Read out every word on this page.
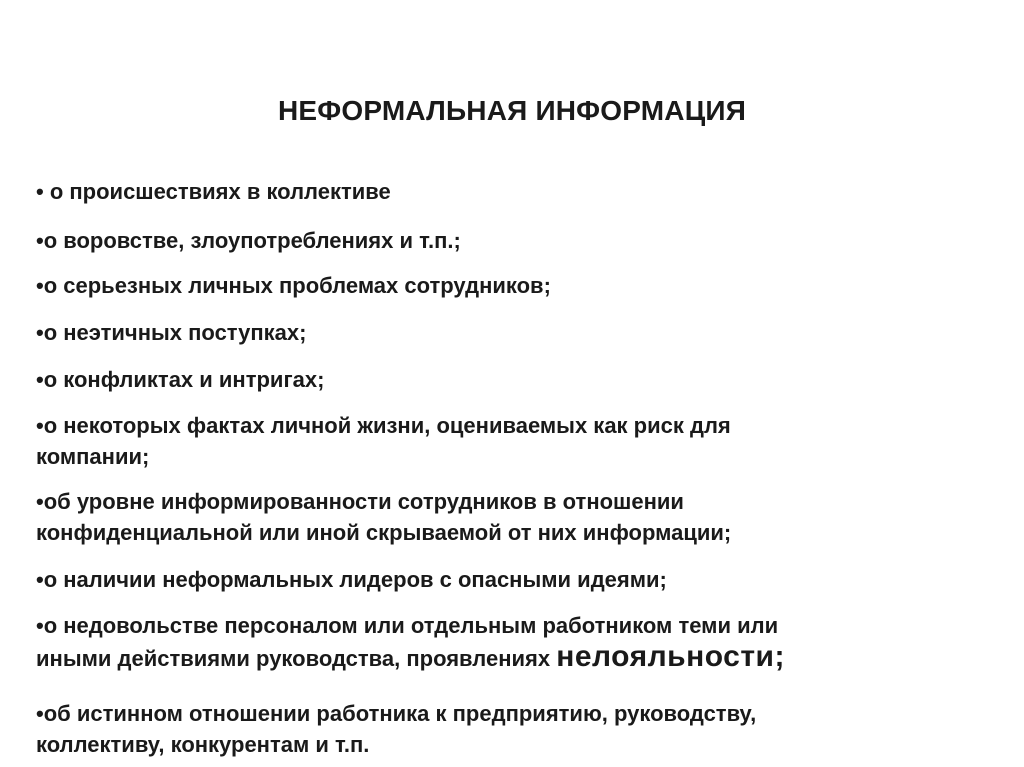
НЕФОРМАЛЬНАЯ ИНФОРМАЦИЯ
• о происшествиях в коллективе
•о воровстве, злоупотреблениях и т.п.;
•о серьезных личных проблемах сотрудников;
•о неэтичных поступках;
•о конфликтах и интригах;
•о некоторых фактах личной жизни, оцениваемых как риск для
компании;
•об уровне информированности сотрудников в отношении
конфиденциальной или иной скрываемой от них информации;
•о наличии неформальных лидеров с опасными идеями;
•о недовольстве персоналом или отдельным работником теми или
иными действиями руководства, проявлениях нелояльности;
•об истинном отношении работника к предприятию, руководству,
коллективу, конкурентам и т.п.
